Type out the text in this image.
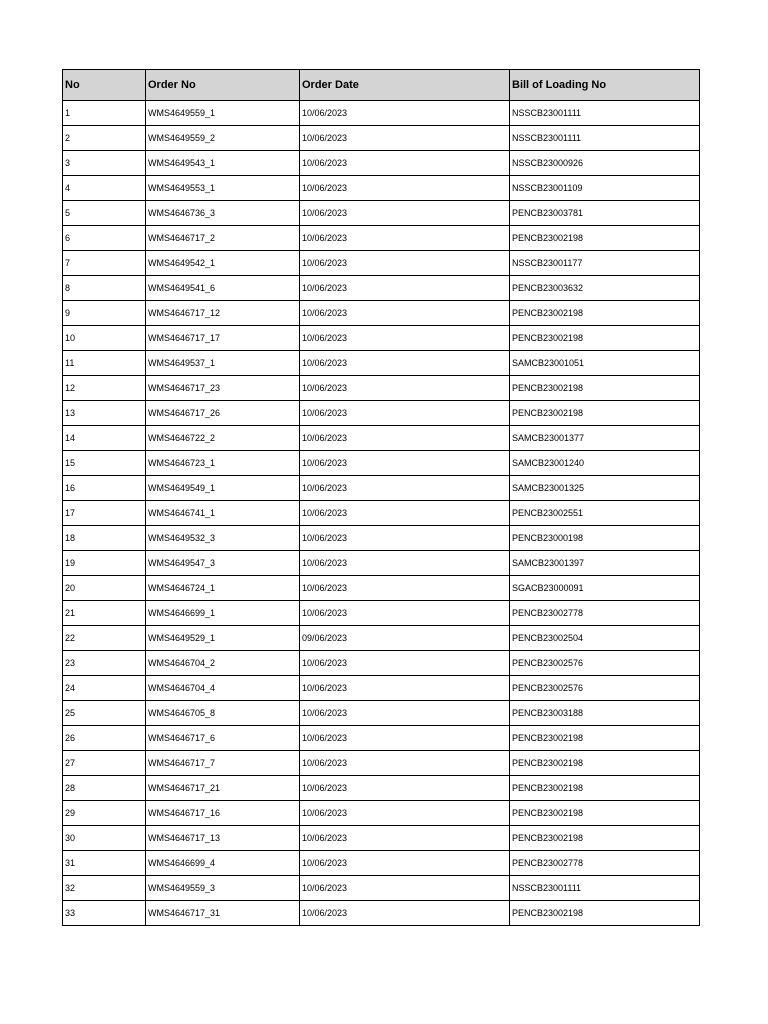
No	Order No	Order Date	Bill of Loading No
1	WMS4649559_1	10/06/2023	NSSCB23001111
2	WMS4649559_2	10/06/2023	NSSCB23001111
3	WMS4649543_1	10/06/2023	NSSCB23000926
4	WMS4649553_1	10/06/2023	NSSCB23001109
5	WMS4646736_3	10/06/2023	PENCB23003781
6	WMS4646717_2	10/06/2023	PENCB23002198
7	WMS4649542_1	10/06/2023	NSSCB23001177
8	WMS4649541_6	10/06/2023	PENCB23003632
9	WMS4646717_12	10/06/2023	PENCB23002198
10	WMS4646717_17	10/06/2023	PENCB23002198
11	WMS4649537_1	10/06/2023	SAMCB23001051
12	WMS4646717_23	10/06/2023	PENCB23002198
13	WMS4646717_26	10/06/2023	PENCB23002198
14	WMS4646722_2	10/06/2023	SAMCB23001377
15	WMS4646723_1	10/06/2023	SAMCB23001240
16	WMS4649549_1	10/06/2023	SAMCB23001325
17	WMS4646741_1	10/06/2023	PENCB23002551
18	WMS4649532_3	10/06/2023	PENCB23000198
19	WMS4649547_3	10/06/2023	SAMCB23001397
20	WMS4646724_1	10/06/2023	SGACB23000091
21	WMS4646699_1	10/06/2023	PENCB23002778
22	WMS4649529_1	09/06/2023	PENCB23002504
23	WMS4646704_2	10/06/2023	PENCB23002576
24	WMS4646704_4	10/06/2023	PENCB23002576
25	WMS4646705_8	10/06/2023	PENCB23003188
26	WMS4646717_6	10/06/2023	PENCB23002198
27	WMS4646717_7	10/06/2023	PENCB23002198
28	WMS4646717_21	10/06/2023	PENCB23002198
29	WMS4646717_16	10/06/2023	PENCB23002198
30	WMS4646717_13	10/06/2023	PENCB23002198
31	WMS4646699_4	10/06/2023	PENCB23002778
32	WMS4649559_3	10/06/2023	NSSCB23001111
33	WMS4646717_31	10/06/2023	PENCB23002198
